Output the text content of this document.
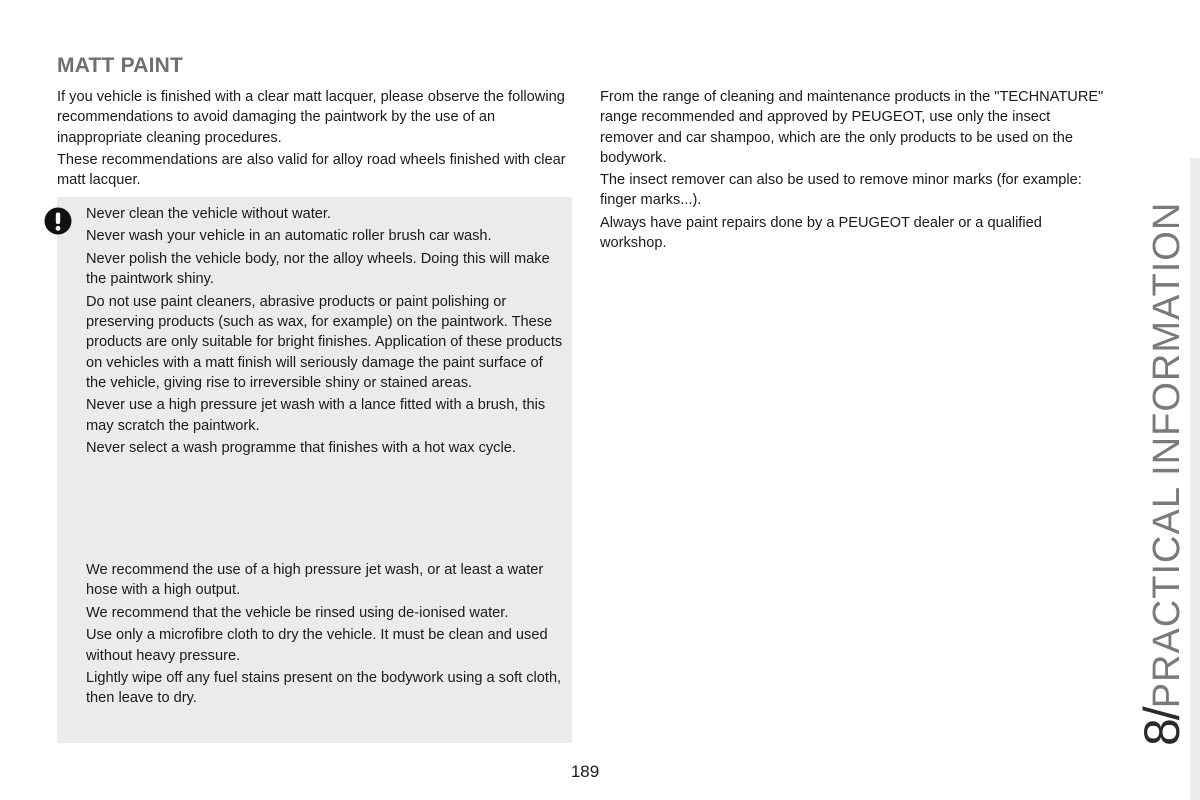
MATT PAINT

If you vehicle is finished with a clear matt lacquer, please observe the following recommendations to avoid damaging the paintwork by the use of an inappropriate cleaning procedures.

These recommendations are also valid for alloy road wheels finished with clear matt lacquer.

Never clean the vehicle without water.

Never wash your vehicle in an automatic roller brush car wash.

Never polish the vehicle body, nor the alloy wheels. Doing this will make the paintwork shiny.

Do not use paint cleaners, abrasive products or paint polishing or preserving products (such as wax, for example) on the paintwork. These products are only suitable for bright finishes. Application of these products on vehicles with a matt finish will seriously damage the paint surface of the vehicle, giving rise to irreversible shiny or stained areas.

Never use a high pressure jet wash with a lance fitted with a brush, this may scratch the paintwork.

Never select a wash programme that finishes with a hot wax cycle.

We recommend the use of a high pressure jet wash, or at least a water hose with a high output.

We recommend that the vehicle be rinsed using de-ionised water.

Use only a microfibre cloth to dry the vehicle. It must be clean and used without heavy pressure.

Lightly wipe off any fuel stains present on the bodywork using a soft cloth, then leave to dry.

From the range of cleaning and maintenance products in the "TECHNATURE" range recommended and approved by PEUGEOT, use only the insect remover and car shampoo, which are the only products to be used on the bodywork.

The insect remover can also be used to remove minor marks (for example: finger marks...).

Always have paint repairs done by a PEUGEOT dealer or a qualified workshop.

8/PRACTICAL INFORMATION
189
